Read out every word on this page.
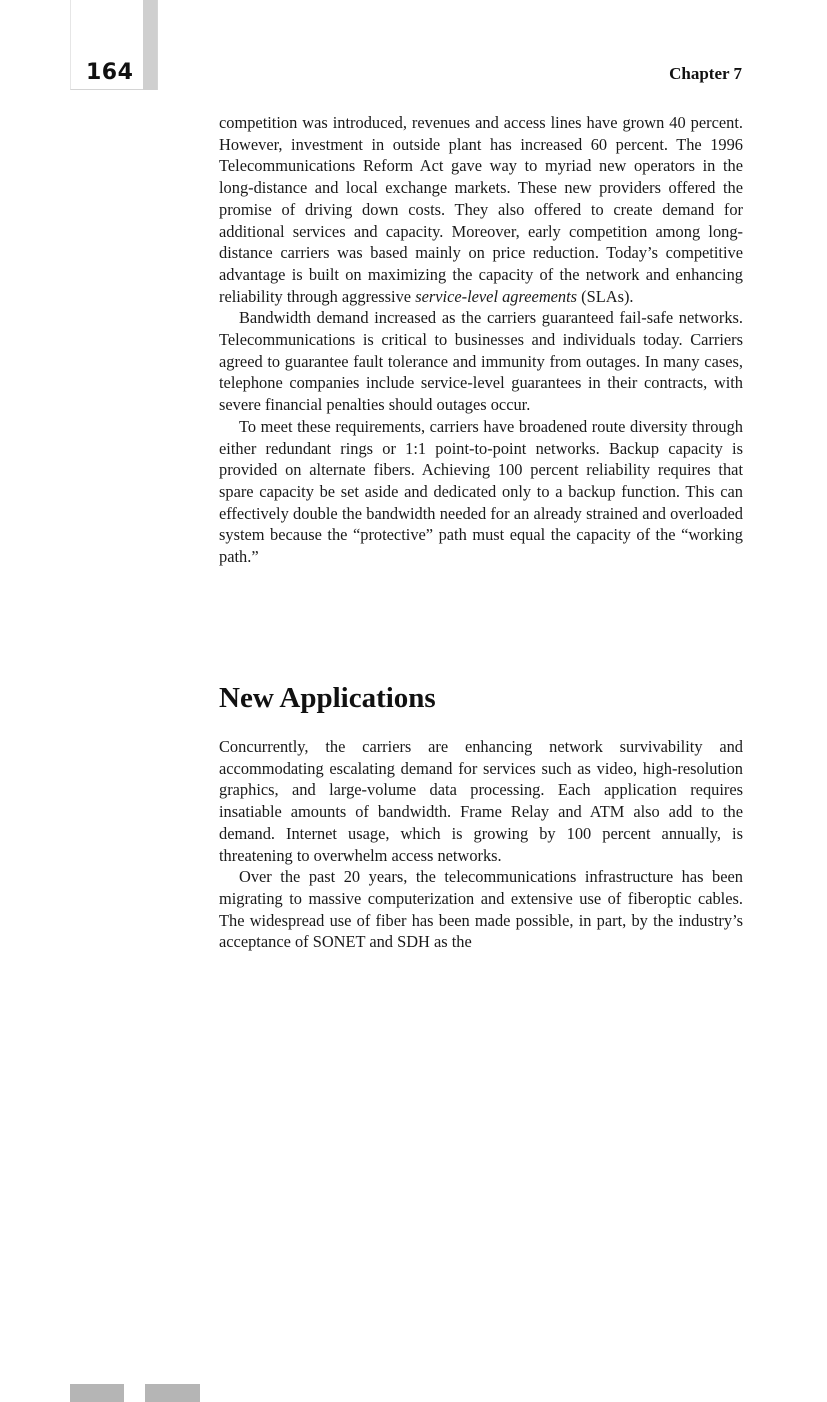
164	Chapter 7

competition was introduced, revenues and access lines have grown 40 percent. However, investment in outside plant has increased 60 percent. The 1996 Telecommunications Reform Act gave way to myriad new operators in the long-distance and local exchange markets. These new providers offered the promise of driving down costs. They also offered to create demand for additional services and capacity. Moreover, early competition among long-distance carriers was based mainly on price reduction. Today’s competitive advantage is built on maximizing the capacity of the network and enhancing reliability through aggressive service-level agreements (SLAs).

Bandwidth demand increased as the carriers guaranteed fail-safe networks. Telecommunications is critical to businesses and individuals today. Carriers agreed to guarantee fault tolerance and immunity from outages. In many cases, telephone companies include service-level guarantees in their contracts, with severe financial penalties should outages occur.

To meet these requirements, carriers have broadened route diversity through either redundant rings or 1:1 point-to-point networks. Backup capacity is provided on alternate fibers. Achieving 100 percent reliability requires that spare capacity be set aside and dedicated only to a backup function. This can effectively double the bandwidth needed for an already strained and overloaded system because the “protective” path must equal the capacity of the “working path.”

New Applications

Concurrently, the carriers are enhancing network survivability and accommodating escalating demand for services such as video, high-resolution graphics, and large-volume data processing. Each application requires insatiable amounts of bandwidth. Frame Relay and ATM also add to the demand. Internet usage, which is growing by 100 percent annually, is threatening to overwhelm access networks.

Over the past 20 years, the telecommunications infrastructure has been migrating to massive computerization and extensive use of fiberoptic cables. The widespread use of fiber has been made possible, in part, by the industry’s acceptance of SONET and SDH as the
